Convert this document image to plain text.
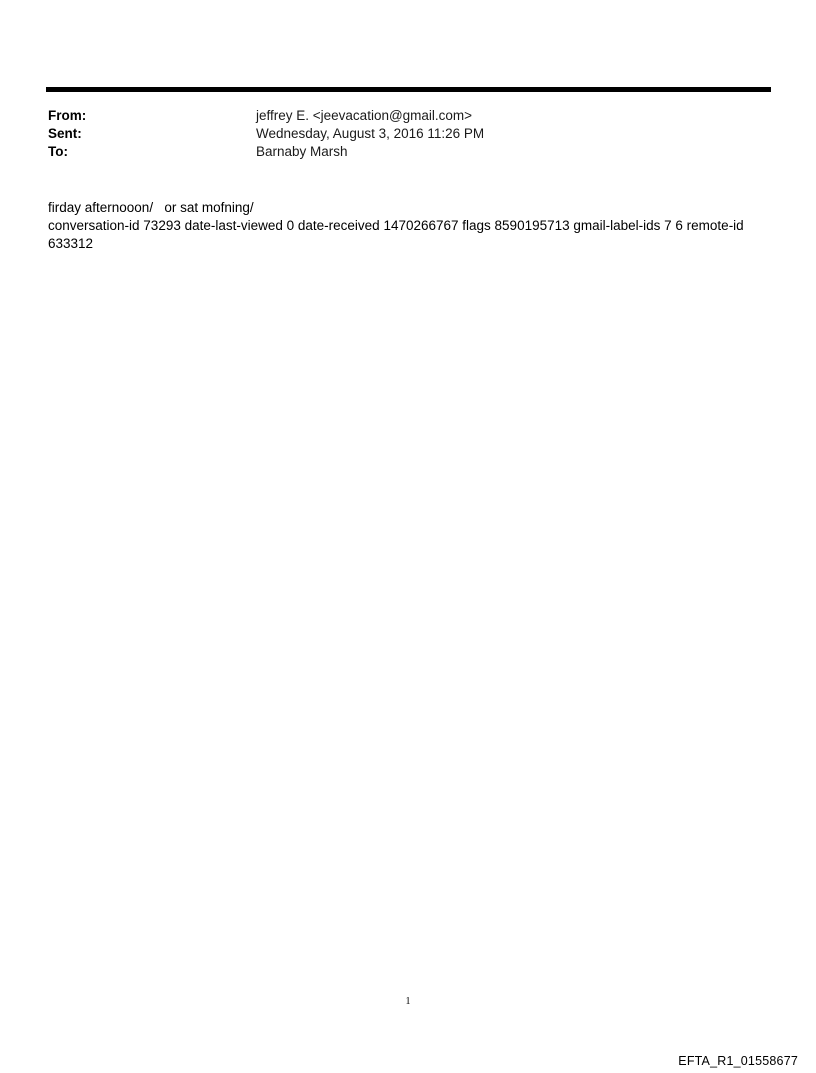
From:	jeffrey E. <jeevacation@gmail.com>
Sent:	Wednesday, August 3, 2016 11:26 PM
To:	Barnaby Marsh

firday afternooon/   or sat mofning/

conversation-id 73293 date-last-viewed 0 date-received 1470266767 flags 8590195713 gmail-label-ids 7 6 remote-id

633312

1
EFTA_R1_01558677
